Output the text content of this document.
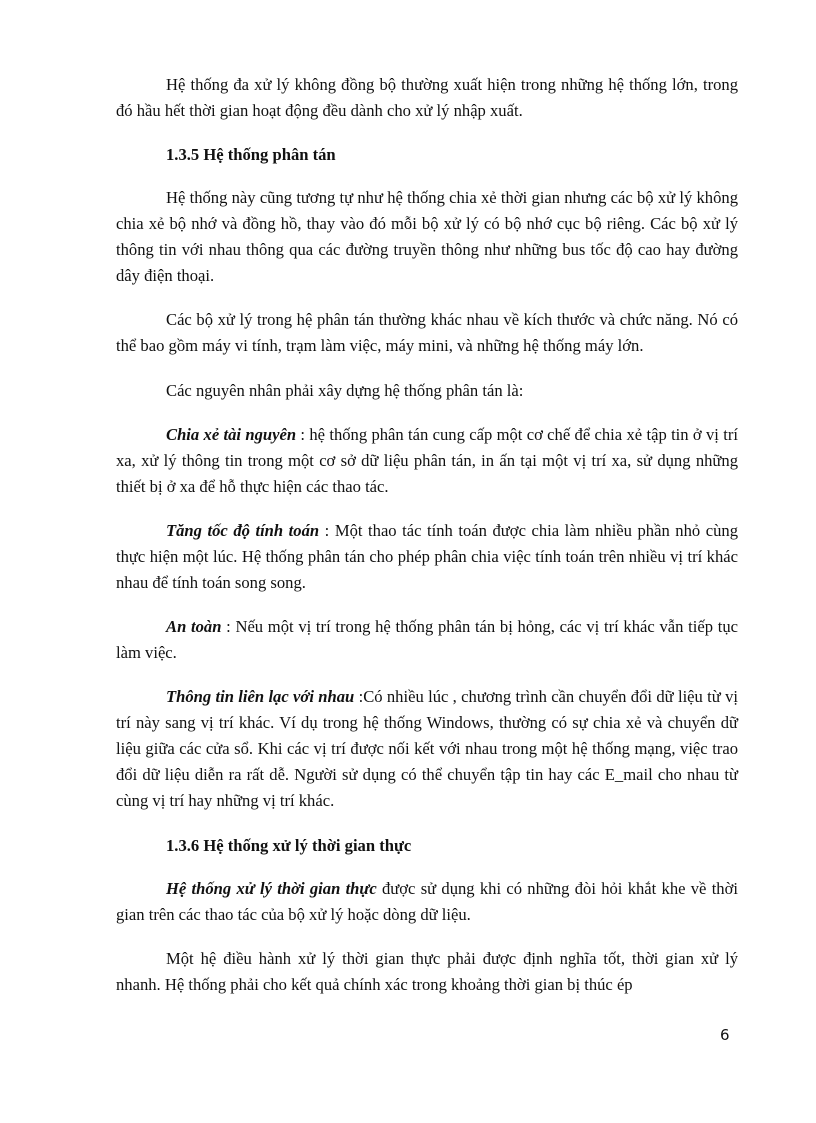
Hệ thống đa xử lý không đồng bộ thường xuất hiện trong những hệ thống lớn, trong đó hầu hết thời gian hoạt động đều dành cho xử lý nhập xuất.

1.3.5 Hệ thống phân tán

Hệ thống này cũng tương tự như hệ thống chia xẻ thời gian nhưng các bộ xử lý không chia xẻ bộ nhớ và đồng hồ, thay vào đó mỗi bộ xử lý có bộ nhớ cục bộ riêng. Các bộ xử lý thông tin với nhau thông qua các đường truyền thông như những bus tốc độ cao hay đường dây điện thoại.

Các bộ xử lý trong hệ phân tán thường khác nhau về kích thước và chức năng. Nó có thể bao gồm máy vi tính, trạm làm việc, máy mini, và những hệ thống máy lớn.

Các nguyên nhân phải xây dựng hệ thống phân tán là:

Chia xẻ tài nguyên : hệ thống phân tán cung cấp một cơ chế để chia xẻ tập tin ở vị trí xa, xử lý thông tin trong một cơ sở dữ liệu phân tán, in ấn tại một vị trí xa, sử dụng những thiết bị ở xa để hỗ thực hiện các thao tác.

Tăng tốc độ tính toán : Một thao tác tính toán được chia làm nhiều phần nhỏ cùng thực hiện một lúc. Hệ thống phân tán cho phép phân chia việc tính toán trên nhiều vị trí khác nhau để tính toán song song.

An toàn : Nếu một vị trí trong hệ thống phân tán bị hỏng, các vị trí khác vẫn tiếp tục làm việc.

Thông tin liên lạc với nhau :Có nhiều lúc , chương trình cần chuyển đổi dữ liệu từ vị trí này sang vị trí khác. Ví dụ trong hệ thống Windows, thường có sự chia xẻ và chuyển dữ liệu giữa các cửa sổ. Khi các vị trí được nối kết với nhau trong một hệ thống mạng, việc trao đổi dữ liệu diễn ra rất dễ. Người sử dụng có thể chuyển tập tin hay các E_mail cho nhau từ cùng vị trí hay những vị trí khác.

1.3.6 Hệ thống xử lý thời gian thực

Hệ thống xử lý thời gian thực được sử dụng khi có những đòi hỏi khắt khe về thời gian trên các thao tác của bộ xử lý hoặc dòng dữ liệu.

Một hệ điều hành xử lý thời gian thực phải được định nghĩa tốt, thời gian xử lý nhanh. Hệ thống phải cho kết quả chính xác trong khoảng thời gian bị thúc ép

6
